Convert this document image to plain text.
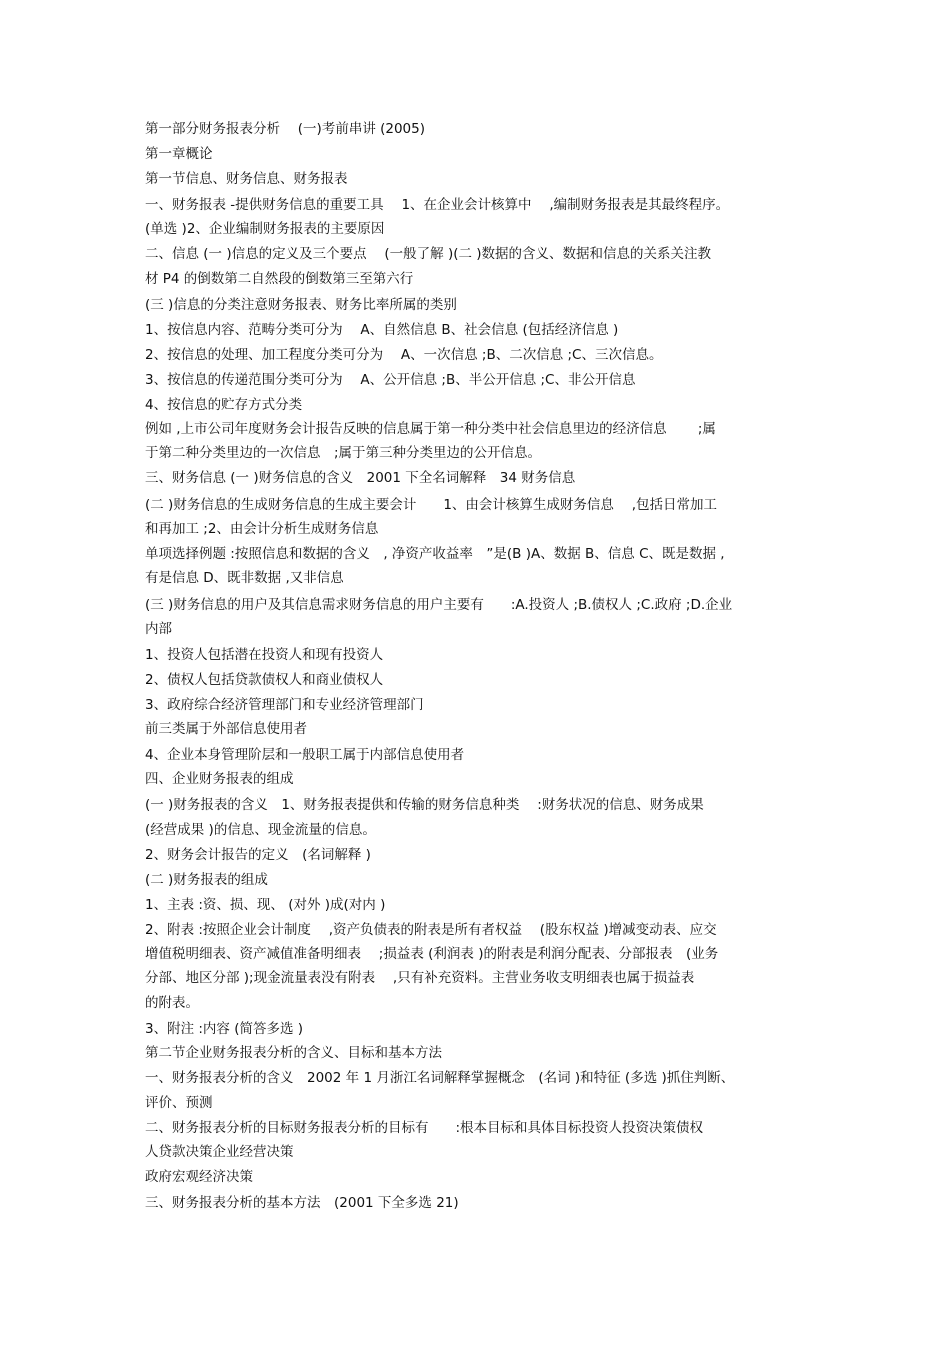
第一部分财务报表分析　 (一)考前串讲 (2005)
第一章概论
第一节信息、财务信息、财务报表
一、财务报表 -提供财务信息的重要工具　 1、在企业会计核算中　 ,编制财务报表是其最终程序。
(单选 )2、企业编制财务报表的主要原因
二、信息 (一 )信息的定义及三个要点　 (一般了解 )(二 )数据的含义、数据和信息的关系关注教
材 P4 的倒数第二自然段的倒数第三至第六行
(三 )信息的分类注意财务报表、财务比率所属的类别
1、按信息内容、范畴分类可分为　 A、自然信息 B、社会信息 (包括经济信息 )
2、按信息的处理、加工程度分类可分为　 A、一次信息 ;B、二次信息 ;C、三次信息。
3、按信息的传递范围分类可分为　 A、公开信息 ;B、半公开信息 ;C、非公开信息
4、按信息的贮存方式分类
例如 ,上市公司年度财务会计报告反映的信息属于第一种分类中社会信息里边的经济信息　　 ;属
于第二种分类里边的一次信息　;属于第三种分类里边的公开信息。
三、财务信息 (一 )财务信息的含义　2001 下全名词解释　34 财务信息
(二 )财务信息的生成财务信息的生成主要会计　　1、由会计核算生成财务信息　 ,包括日常加工
和再加工 ;2、由会计分析生成财务信息
单项选择例题 :按照信息和数据的含义　, 净资产收益率　”是(B )A、数据 B、信息 C、既是数据 ,
有是信息 D、既非数据 ,又非信息
(三 )财务信息的用户及其信息需求财务信息的用户主要有　　:A.投资人 ;B.债权人 ;C.政府 ;D.企业
内部
1、投资人包括潜在投资人和现有投资人
2、债权人包括贷款债权人和商业债权人
3、政府综合经济管理部门和专业经济管理部门
前三类属于外部信息使用者
4、企业本身管理阶层和一般职工属于内部信息使用者
四、企业财务报表的组成
(一 )财务报表的含义　1、财务报表提供和传输的财务信息种类　 :财务状况的信息、财务成果
(经营成果 )的信息、现金流量的信息。
2、财务会计报告的定义　(名词解释 )
(二 )财务报表的组成
1、主表 :资、损、现、 (对外 )成(对内 )
2、附表 :按照企业会计制度　 ,资产负债表的附表是所有者权益　 (股东权益 )增减变动表、应交
增值税明细表、资产减值准备明细表　 ;损益表 (利润表 )的附表是利润分配表、分部报表　(业务
分部、地区分部 );现金流量表没有附表　 ,只有补充资料。主营业务收支明细表也属于损益表
的附表。
3、附注 :内容 (简答多选 )
第二节企业财务报表分析的含义、目标和基本方法
一、财务报表分析的含义　2002 年 1 月浙江名词解释掌握概念　(名词 )和特征 (多选 )抓住判断、
评价、预测
二、财务报表分析的目标财务报表分析的目标有　　:根本目标和具体目标投资人投资决策债权
人贷款决策企业经营决策
政府宏观经济决策
三、财务报表分析的基本方法　(2001 下全多选 21)
